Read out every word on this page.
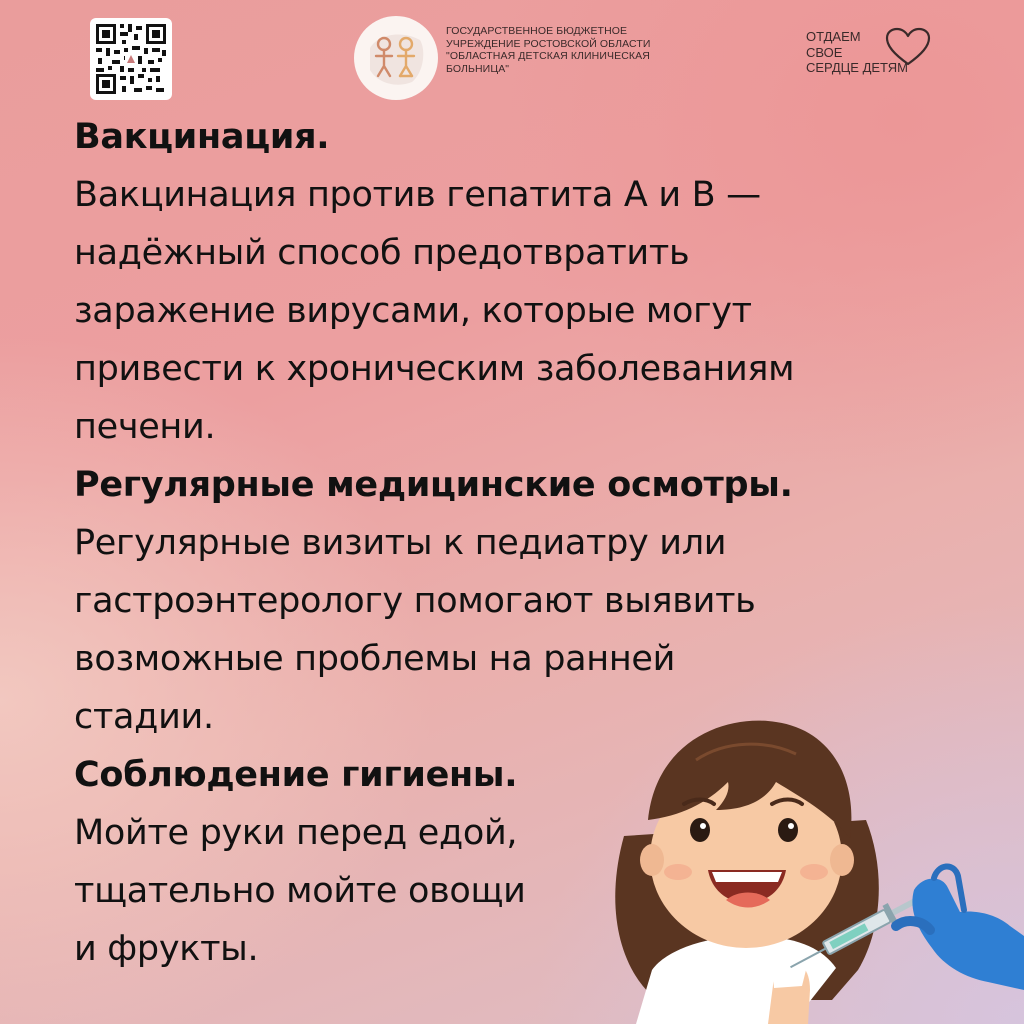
ГОСУДАРСТВЕННОЕ БЮДЖЕТНОЕ
УЧРЕЖДЕНИЕ РОСТОВСКОЙ ОБЛАСТИ
"ОБЛАСТНАЯ ДЕТСКАЯ КЛИНИЧЕСКАЯ
БОЛЬНИЦА"
ОТДАЕМ
СВОЕ
СЕРДЦЕ ДЕТЯМ
Вакцинация.
Вакцинация против гепатита А и В —
надёжный способ предотвратить
заражение вирусами, которые могут
привести к хроническим заболеваниям
печени.
Регулярные медицинские осмотры.
Регулярные визиты к педиатру или
гастроэнтерологу помогают выявить
возможные проблемы на ранней
стадии.
Соблюдение гигиены.
Мойте руки перед едой,
тщательно мойте овощи
и фрукты.
